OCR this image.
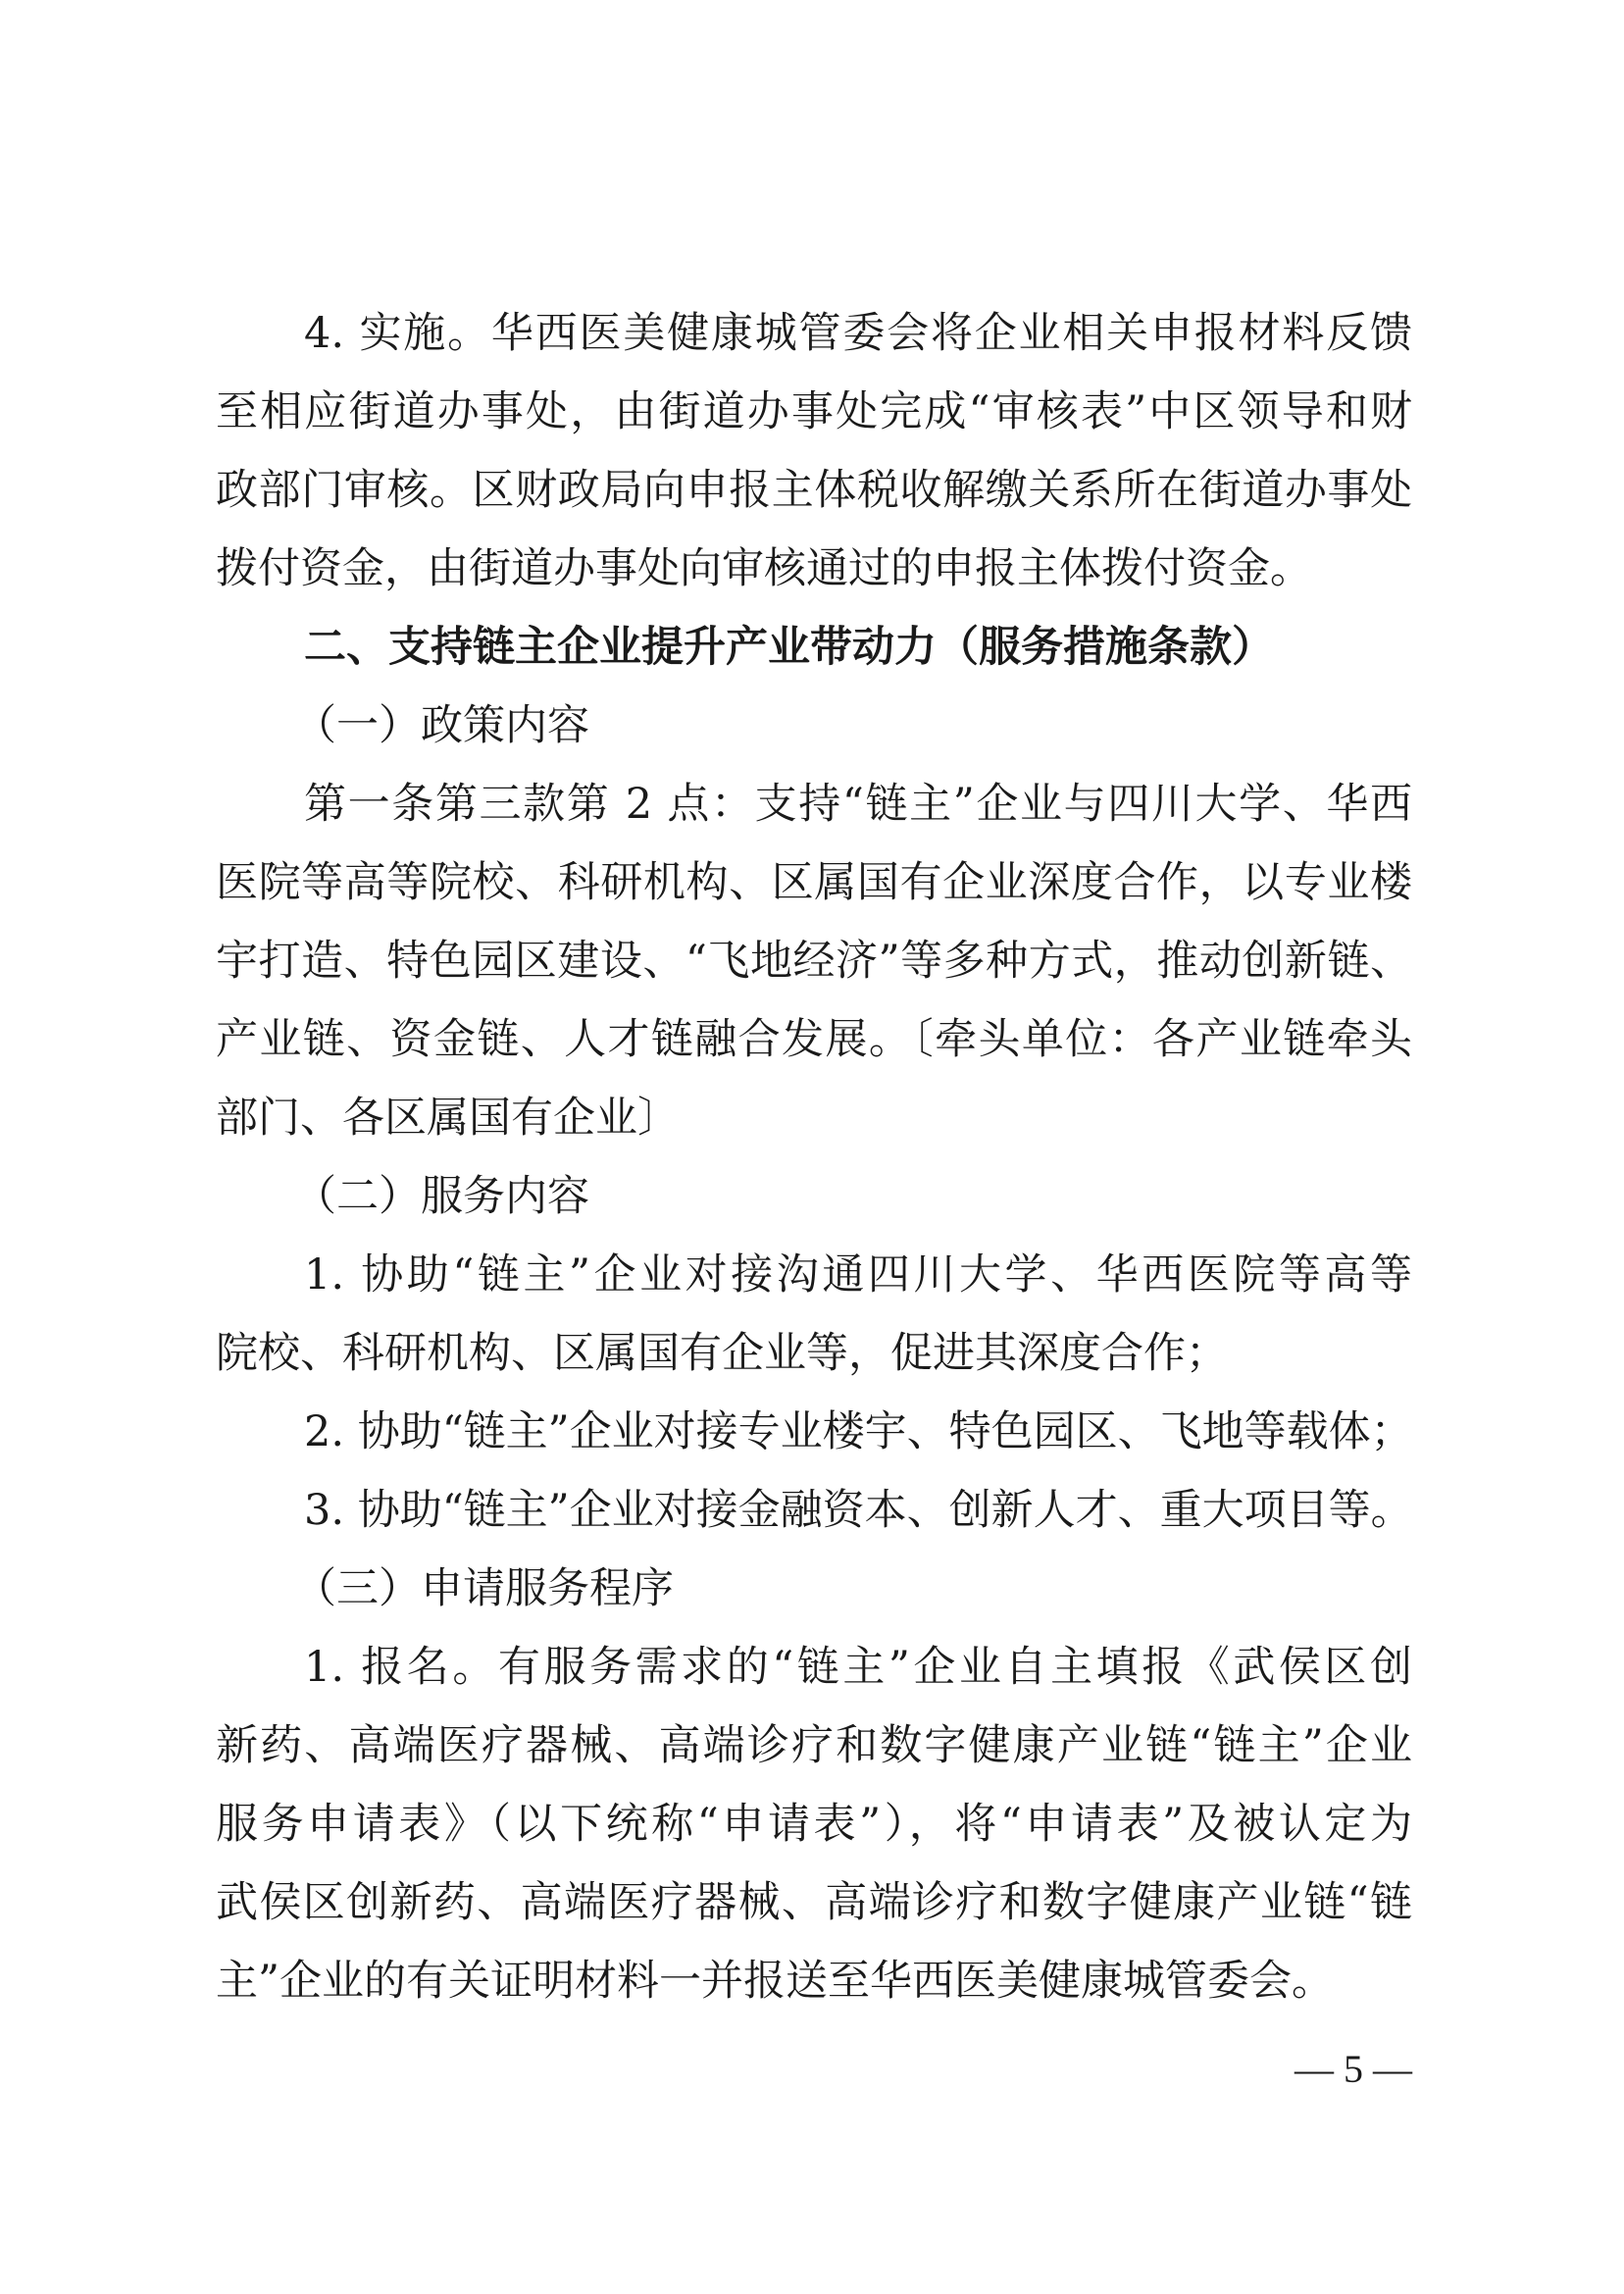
4. 实施。华西医美健康城管委会将企业相关申报材料反馈
至相应街道办事处，由街道办事处完成“审核表”中区领导和财
政部门审核。区财政局向申报主体税收解缴关系所在街道办事处
拨付资金，由街道办事处向审核通过的申报主体拨付资金。
二、支持链主企业提升产业带动力（服务措施条款）
（一）政策内容
第一条第三款第 2 点：支持“链主”企业与四川大学、华西
医院等高等院校、科研机构、区属国有企业深度合作，以专业楼
宇打造、特色园区建设、“飞地经济”等多种方式，推动创新链、
产业链、资金链、人才链融合发展。〔牵头单位：各产业链牵头
部门、各区属国有企业〕
（二）服务内容
1. 协助“链主”企业对接沟通四川大学、华西医院等高等
院校、科研机构、区属国有企业等，促进其深度合作；
2. 协助“链主”企业对接专业楼宇、特色园区、飞地等载体；
3. 协助“链主”企业对接金融资本、创新人才、重大项目等。
（三）申请服务程序
1. 报名。有服务需求的“链主”企业自主填报《武侯区创
新药、高端医疗器械、高端诊疗和数字健康产业链“链主”企业
服务申请表》（以下统称“申请表”），将“申请表”及被认定为
武侯区创新药、高端医疗器械、高端诊疗和数字健康产业链“链
主”企业的有关证明材料一并报送至华西医美健康城管委会。
— 5 —
